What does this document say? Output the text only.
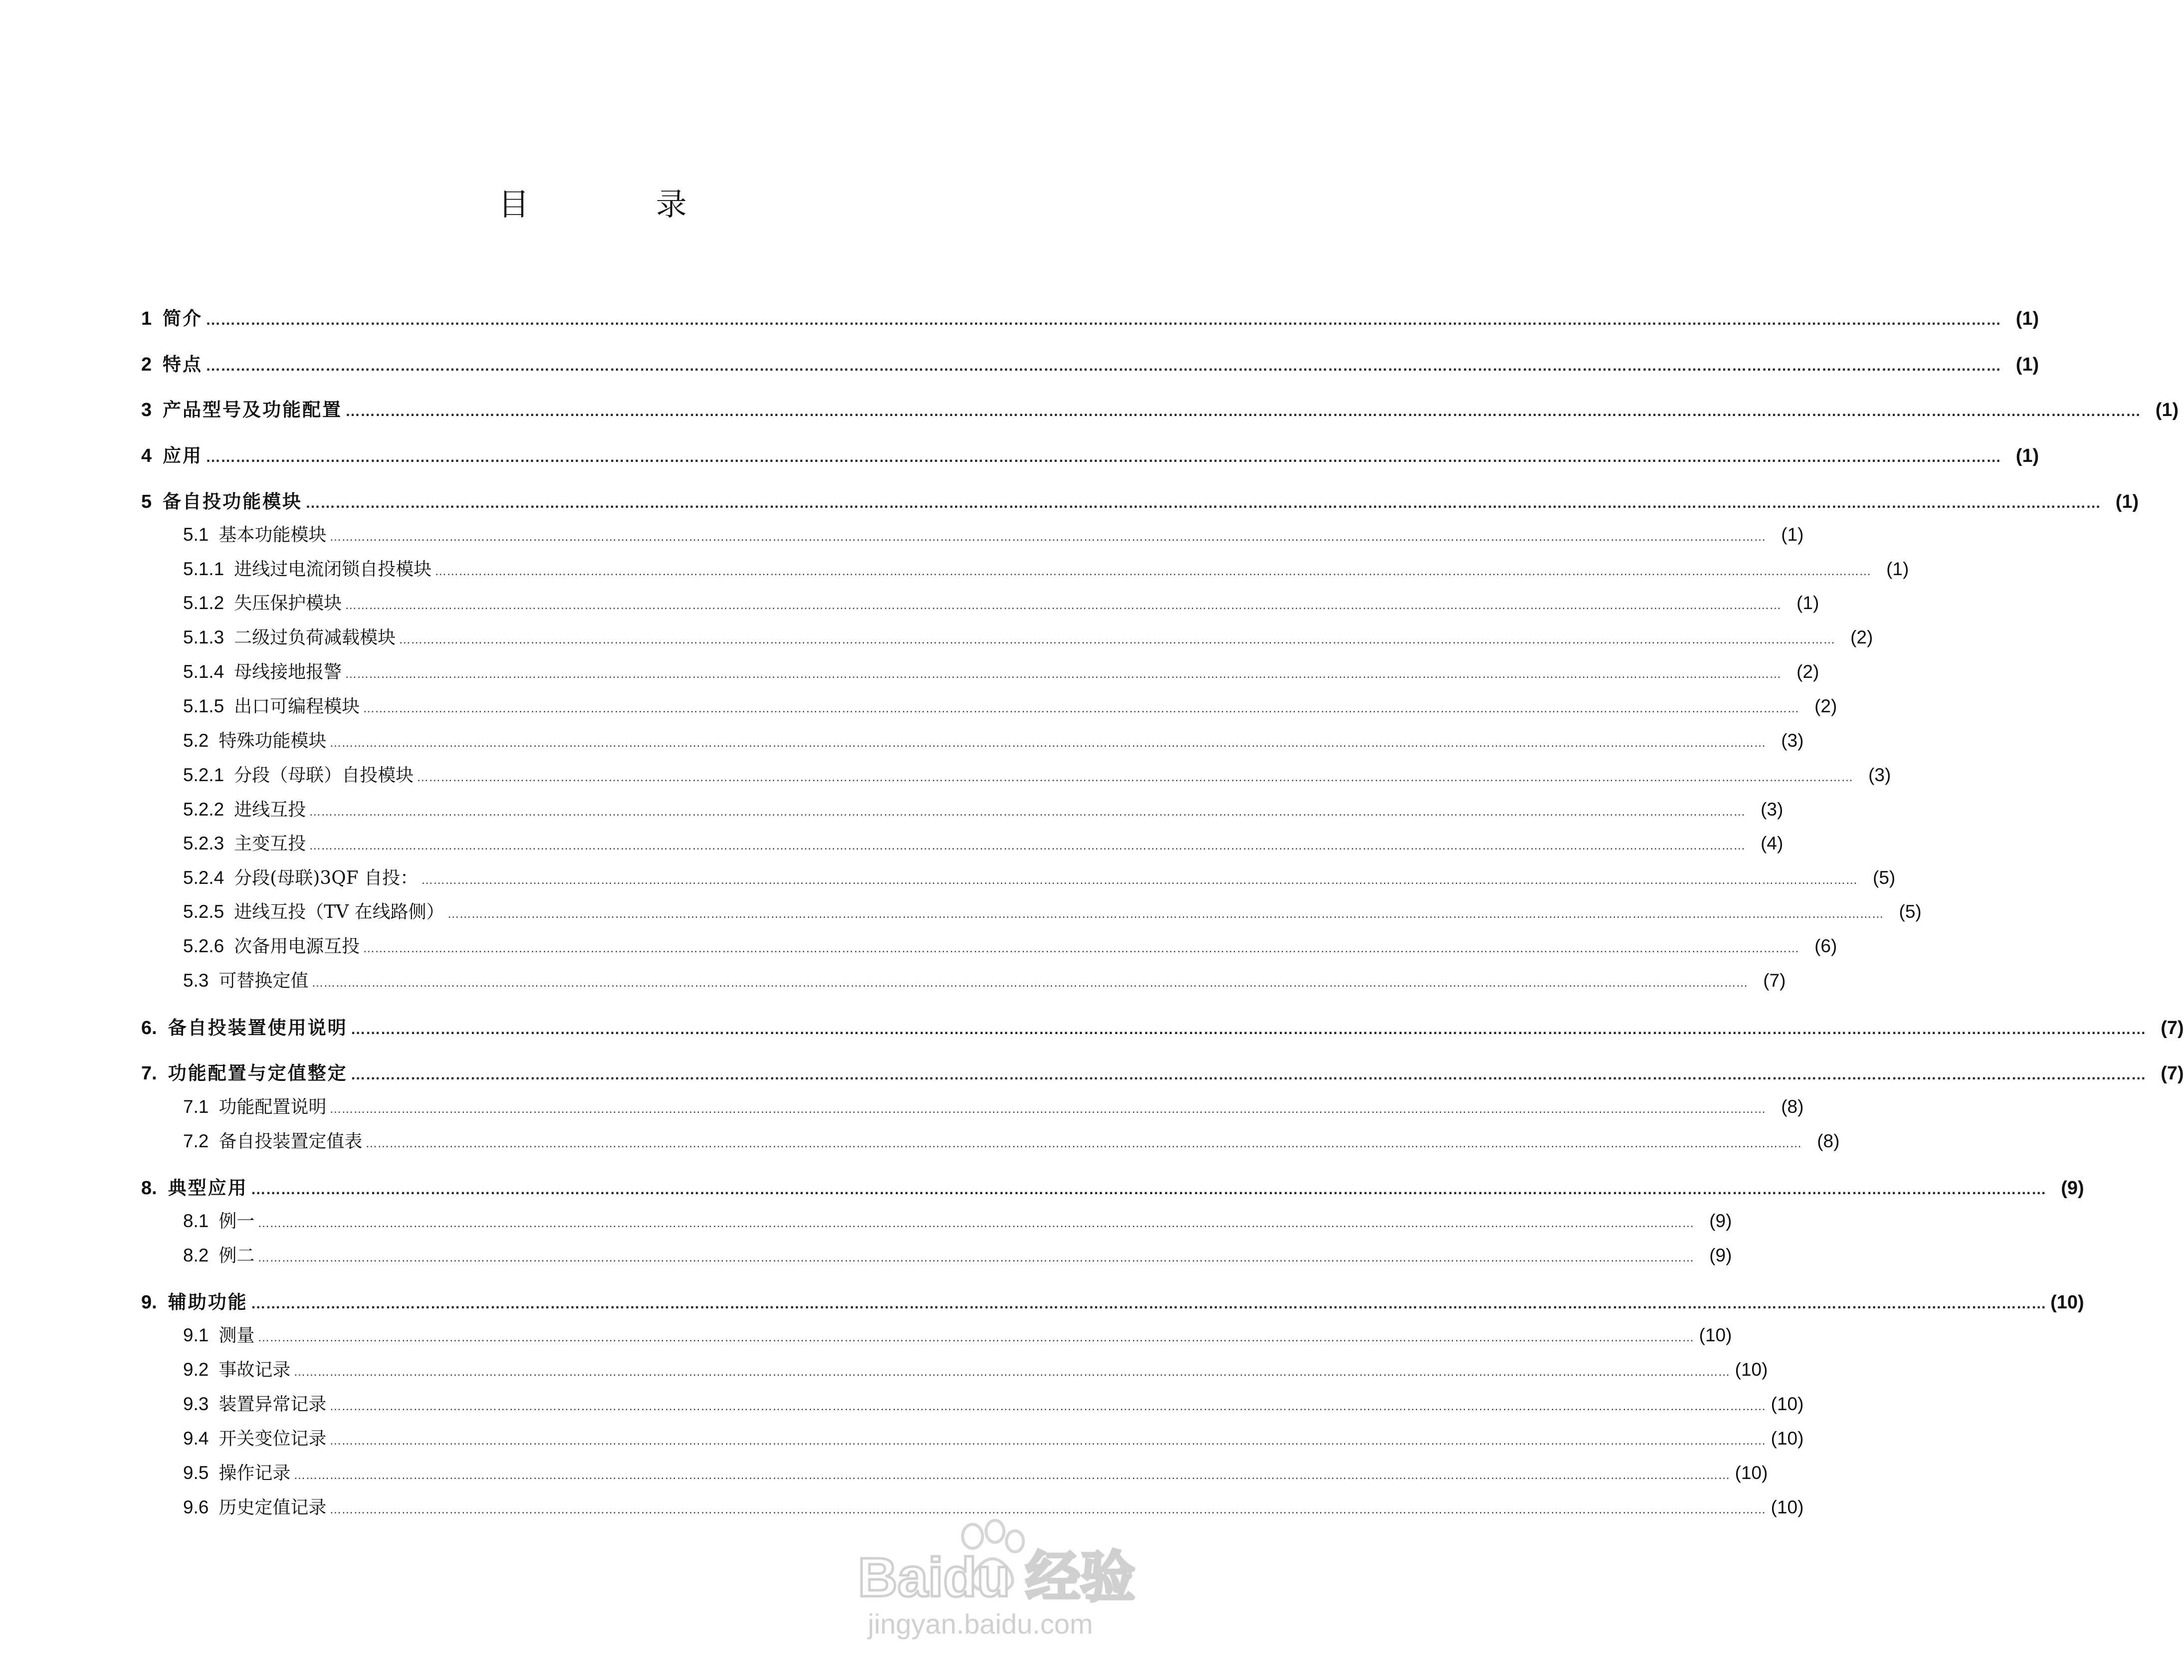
目	录
1 简介 ……………………………………………………………………………………………………………………………………………………………………………………………………………………………………………………………………………………………………………………………… (1)
2 特点 ……………………………………………………………………………………………………………………………………………………………………………………………………………………………………………………………………………………………………………………………… (1)
3 产品型号及功能配置 ……………………………………………………………………………………………………………………………………………………………………………………………………………………………………………………………………………………………………………………………… (1)
4 应用 ……………………………………………………………………………………………………………………………………………………………………………………………………………………………………………………………………………………………………………………………… (1)
5 备自投功能模块 ……………………………………………………………………………………………………………………………………………………………………………………………………………………………………………………………………………………………………………………………… (1)
5.1 基本功能模块 ……………………………………………………………………………………………………………………………………………………………………………………………………………………………………………………………………………………………………………………………… (1)
5.1.1 进线过电流闭锁自投模块 ……………………………………………………………………………………………………………………………………………………………………………………………………………………………………………………………………………………………………………………………… (1)
5.1.2 失压保护模块 ……………………………………………………………………………………………………………………………………………………………………………………………………………………………………………………………………………………………………………………………… (1)
5.1.3 二级过负荷减载模块 ……………………………………………………………………………………………………………………………………………………………………………………………………………………………………………………………………………………………………………………………… (2)
5.1.4 母线接地报警 ……………………………………………………………………………………………………………………………………………………………………………………………………………………………………………………………………………………………………………………………… (2)
5.1.5 出口可编程模块 ……………………………………………………………………………………………………………………………………………………………………………………………………………………………………………………………………………………………………………………………… (2)
5.2 特殊功能模块 ……………………………………………………………………………………………………………………………………………………………………………………………………………………………………………………………………………………………………………………………… (3)
5.2.1 分段（母联）自投模块 ……………………………………………………………………………………………………………………………………………………………………………………………………………………………………………………………………………………………………………………………… (3)
5.2.2 进线互投 ……………………………………………………………………………………………………………………………………………………………………………………………………………………………………………………………………………………………………………………………… (3)
5.2.3 主变互投 ……………………………………………………………………………………………………………………………………………………………………………………………………………………………………………………………………………………………………………………………… (4)
5.2.4 分段(母联)3QF 自投： ……………………………………………………………………………………………………………………………………………………………………………………………………………………………………………………………………………………………………………………………… (5)
5.2.5 进线互投（TV 在线路侧） ……………………………………………………………………………………………………………………………………………………………………………………………………………………………………………………………………………………………………………………………… (5)
5.2.6 次备用电源互投 ……………………………………………………………………………………………………………………………………………………………………………………………………………………………………………………………………………………………………………………………… (6)
5.3 可替换定值 ……………………………………………………………………………………………………………………………………………………………………………………………………………………………………………………………………………………………………………………………… (7)
6. 备自投装置使用说明 ……………………………………………………………………………………………………………………………………………………………………………………………………………………………………………………………………………………………………………………………… (7)
7. 功能配置与定值整定 ……………………………………………………………………………………………………………………………………………………………………………………………………………………………………………………………………………………………………………………………… (7)
7.1 功能配置说明 ……………………………………………………………………………………………………………………………………………………………………………………………………………………………………………………………………………………………………………………………… (8)
7.2 备自投装置定值表 ……………………………………………………………………………………………………………………………………………………………………………………………………………………………………………………………………………………………………………………………… (8)
8. 典型应用 ……………………………………………………………………………………………………………………………………………………………………………………………………………………………………………………………………………………………………………………………… (9)
8.1 例一 ……………………………………………………………………………………………………………………………………………………………………………………………………………………………………………………………………………………………………………………………… (9)
8.2 例二 ……………………………………………………………………………………………………………………………………………………………………………………………………………………………………………………………………………………………………………………………… (9)
9. 辅助功能 ……………………………………………………………………………………………………………………………………………………………………………………………………………………………………………………………………………………………………………………………… (10)
9.1 测量 ……………………………………………………………………………………………………………………………………………………………………………………………………………………………………………………………………………………………………………………………… (10)
9.2 事故记录 ……………………………………………………………………………………………………………………………………………………………………………………………………………………………………………………………………………………………………………………………… (10)
9.3 装置异常记录 ……………………………………………………………………………………………………………………………………………………………………………………………………………………………………………………………………………………………………………………………… (10)
9.4 开关变位记录 ……………………………………………………………………………………………………………………………………………………………………………………………………………………………………………………………………………………………………………………………… (10)
9.5 操作记录 ……………………………………………………………………………………………………………………………………………………………………………………………………………………………………………………………………………………………………………………………… (10)
9.6 历史定值记录 ……………………………………………………………………………………………………………………………………………………………………………………………………………………………………………………………………………………………………………………………… (10)
Baidu 经验
jingyan.baidu.com
